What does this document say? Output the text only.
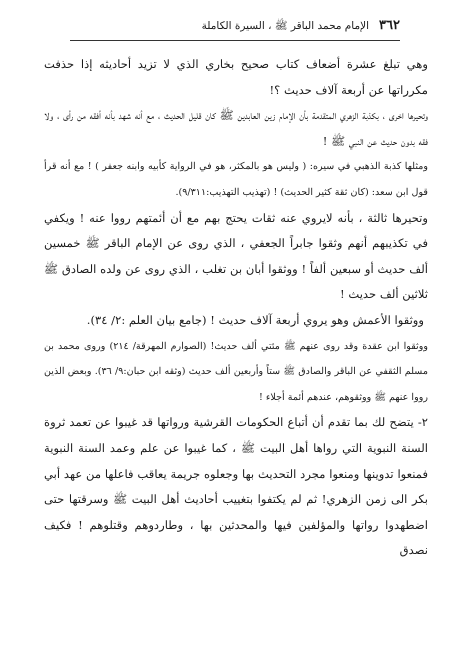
٣٦٢
الإمام محمد الباقر ﷺ ، السيرة الكاملة

وهي تبلغ عشرة أضعاف كتاب صحيح بخاري الذي لا تزيد أحاديثه إذا حذفت مكرراتها عن أربعة آلاف حديث ؟!

وتحيرها اخرى ، بكذبة الزهري المتقدمة بأن الإمام زين العابدين ﷺ كان قليل الحديث ، مع أنه شهد بأنه أفقه من رأى ، ولا فقه بدون حديث عن النبي ﷺ !

ومثلها كذبة الذهبي في سيره: ( وليس هو بالمكثر، هو في الرواية كأبيه وابنه جعفر ) ! مع أنه قرأ قول ابن سعد: (كان ثقة كثير الحديث) ! (تهذيب التهذيب:٩/٣١١).

وتحيرها ثالثة ، بأنه لايروي عنه ثقات يحتج بهم مع أن أئمتهم رووا عنه ! ويكفي في تكذيبهم أنهم وثقوا جابراً الجعفي ، الذي روى عن الإمام الباقر ﷺ خمسين ألف حديث أو سبعين ألفاً ! ووثقوا أبان بن تغلب ، الذي روى عن ولده الصادق ﷺ ثلاثين ألف حديث !

ووثقوا الأعمش وهو يروي أربعة آلاف حديث ! (جامع بيان العلم :٢/ ٣٤).

ووثقوا ابن عقدة وقد روى عنهم ﷺ مئتي ألف حديث! (الصوارم المهرقة/ ٢١٤) وروى محمد بن مسلم الثقفي عن الباقر والصادق ﷺ ستاً وأربعين ألف حديث (وثقه ابن حبان:٩/ ٣٦). وبعض الذين رووا عنهم ﷺ ووثقوهم، عندهم أئمة أجلاء !

٢- يتضح لك بما تقدم أن أتباع الحكومات القرشية ورواتها قد غيبوا عن تعمد ثروة السنة النبوية التي رواها أهل البيت ﷺ ، كما غيبوا عن علم وعمد السنة النبوية فمنعوا تدوينها ومنعوا مجرد التحديث بها وجعلوه جريمة يعاقب فاعلها من عهد أبي بكر الى زمن الزهري! ثم لم يكتفوا بتغييب أحاديث أهل البيت ﷺ وسرقتها حتى اضطهدوا رواتها والمؤلفين فيها والمحدثين بها ، وطاردوهم وقتلوهم ! فكيف نصدق
